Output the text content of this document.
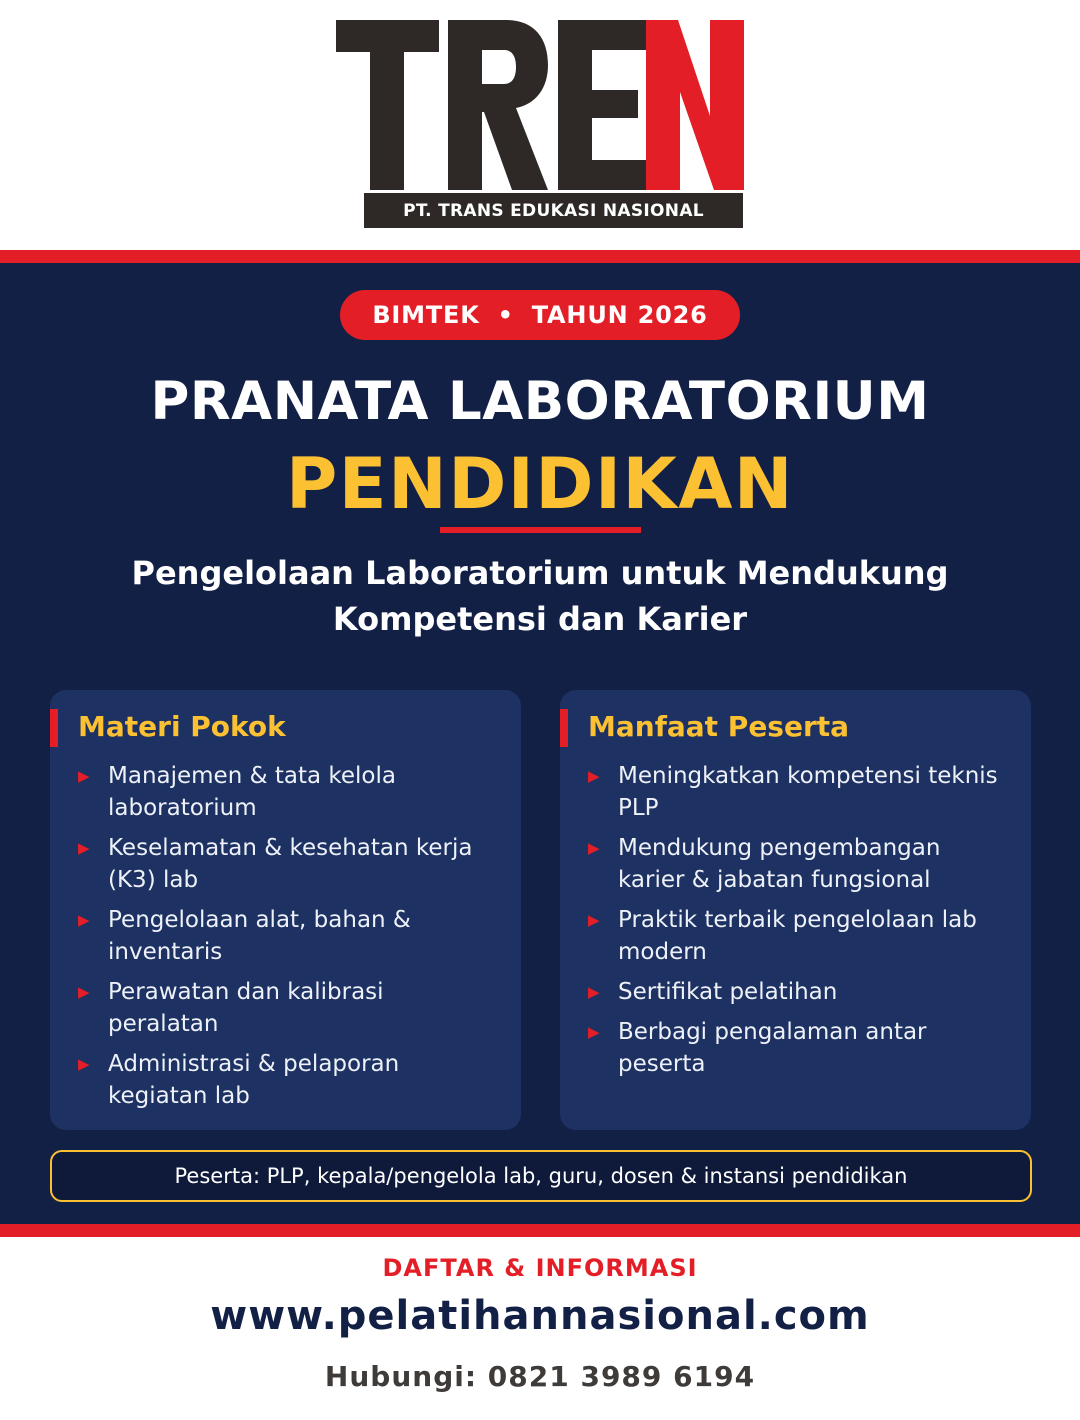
PT. TRANS EDUKASI NASIONAL
BIMTEK • TAHUN 2026
PRANATA LABORATORIUM
PENDIDIKAN
Pengelolaan Laboratorium untuk Mendukung
Kompetensi dan Karier
Materi Pokok
▶ Manajemen & tata kelola laboratorium
▶ Keselamatan & kesehatan kerja (K3) lab
▶ Pengelolaan alat, bahan & inventaris
▶ Perawatan dan kalibrasi peralatan
▶ Administrasi & pelaporan kegiatan lab
Manfaat Peserta
▶ Meningkatkan kompetensi teknis PLP
▶ Mendukung pengembangan karier & jabatan fungsional
▶ Praktik terbaik pengelolaan lab modern
▶ Sertifikat pelatihan
▶ Berbagi pengalaman antar peserta
Peserta: PLP, kepala/pengelola lab, guru, dosen & instansi pendidikan
DAFTAR & INFORMASI
www.pelatihannasional.com
Hubungi: 0821 3989 6194
